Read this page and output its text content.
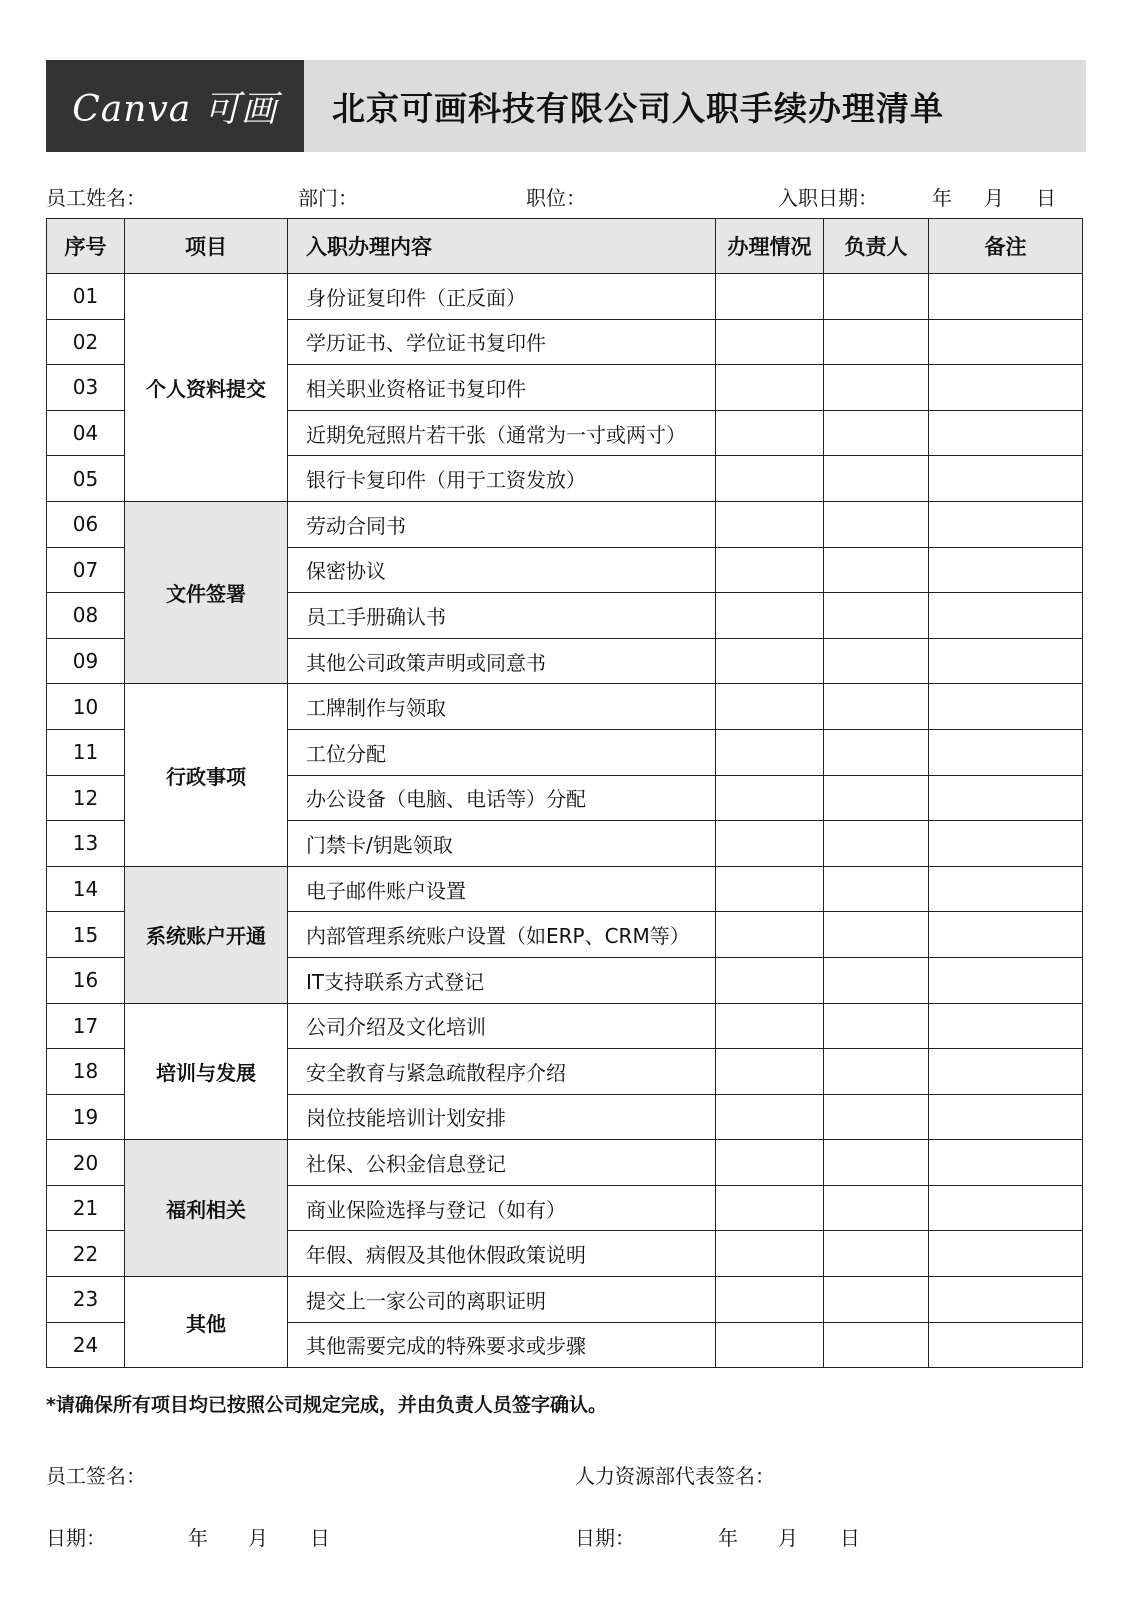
Canva 可画 北京可画科技有限公司入职手续办理清单
员工姓名：	部门：	职位：	入职日期：	年 月 日
序号	项目	入职办理内容	办理情况	负责人	备注
01	个人资料提交	身份证复印件（正反面）			
02		学历证书、学位证书复印件			
03		相关职业资格证书复印件			
04		近期免冠照片若干张（通常为一寸或两寸）			
05		银行卡复印件（用于工资发放）			
06	文件签署	劳动合同书			
07		保密协议			
08		员工手册确认书			
09		其他公司政策声明或同意书			
10	行政事项	工牌制作与领取			
11		工位分配			
12		办公设备（电脑、电话等）分配			
13		门禁卡/钥匙领取			
14	系统账户开通	电子邮件账户设置			
15		内部管理系统账户设置（如ERP、CRM等）			
16		IT支持联系方式登记			
17	培训与发展	公司介绍及文化培训			
18		安全教育与紧急疏散程序介绍			
19		岗位技能培训计划安排			
20	福利相关	社保、公积金信息登记			
21		商业保险选择与登记（如有）			
22		年假、病假及其他休假政策说明			
23	其他	提交上一家公司的离职证明			
24		其他需要完成的特殊要求或步骤			
*请确保所有项目均已按照公司规定完成，并由负责人员签字确认。
员工签名：	人力资源部代表签名：
日期：	年 月 日	日期：	年 月 日
